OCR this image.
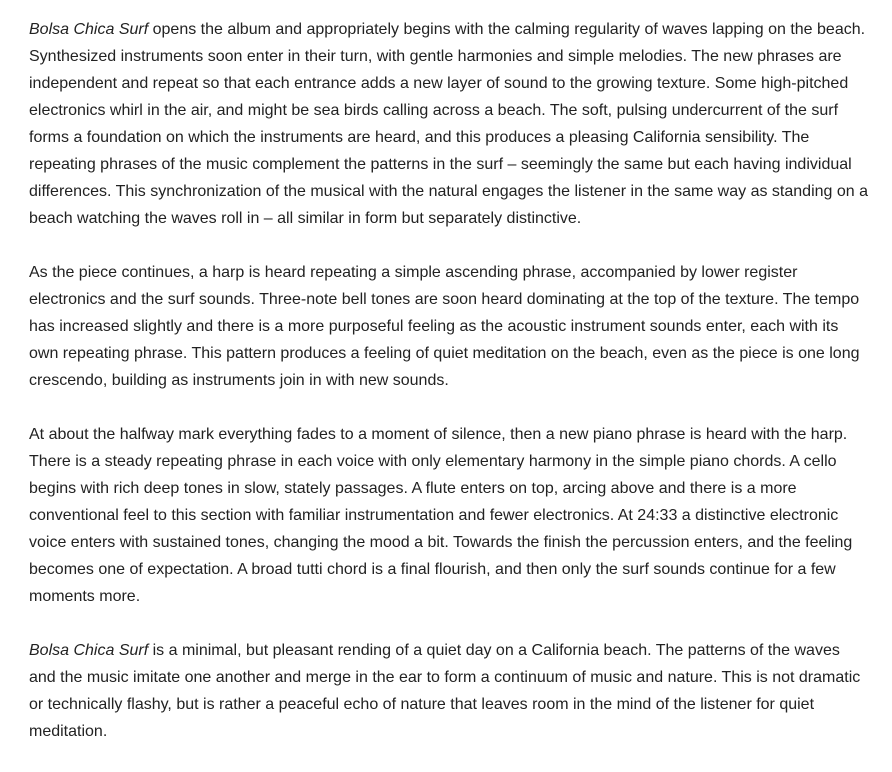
Bolsa Chica Surf opens the album and appropriately begins with the calming regularity of waves lapping on the beach. Synthesized instruments soon enter in their turn, with gentle harmonies and simple melodies. The new phrases are independent and repeat so that each entrance adds a new layer of sound to the growing texture. Some high-pitched electronics whirl in the air, and might be sea birds calling across a beach. The soft, pulsing undercurrent of the surf forms a foundation on which the instruments are heard, and this produces a pleasing California sensibility. The repeating phrases of the music complement the patterns in the surf – seemingly the same but each having individual differences. This synchronization of the musical with the natural engages the listener in the same way as standing on a beach watching the waves roll in – all similar in form but separately distinctive.

As the piece continues, a harp is heard repeating a simple ascending phrase, accompanied by lower register electronics and the surf sounds. Three-note bell tones are soon heard dominating at the top of the texture. The tempo has increased slightly and there is a more purposeful feeling as the acoustic instrument sounds enter, each with its own repeating phrase. This pattern produces a feeling of quiet meditation on the beach, even as the piece is one long crescendo, building as instruments join in with new sounds.

At about the halfway mark everything fades to a moment of silence, then a new piano phrase is heard with the harp. There is a steady repeating phrase in each voice with only elementary harmony in the simple piano chords. A cello begins with rich deep tones in slow, stately passages. A flute enters on top, arcing above and there is a more conventional feel to this section with familiar instrumentation and fewer electronics. At 24:33 a distinctive electronic voice enters with sustained tones, changing the mood a bit. Towards the finish the percussion enters, and the feeling becomes one of expectation. A broad tutti chord is a final flourish, and then only the surf sounds continue for a few moments more.

Bolsa Chica Surf is a minimal, but pleasant rending of a quiet day on a California beach. The patterns of the waves and the music imitate one another and merge in the ear to form a continuum of music and nature. This is not dramatic or technically flashy, but is rather a peaceful echo of nature that leaves room in the mind of the listener for quiet meditation.
